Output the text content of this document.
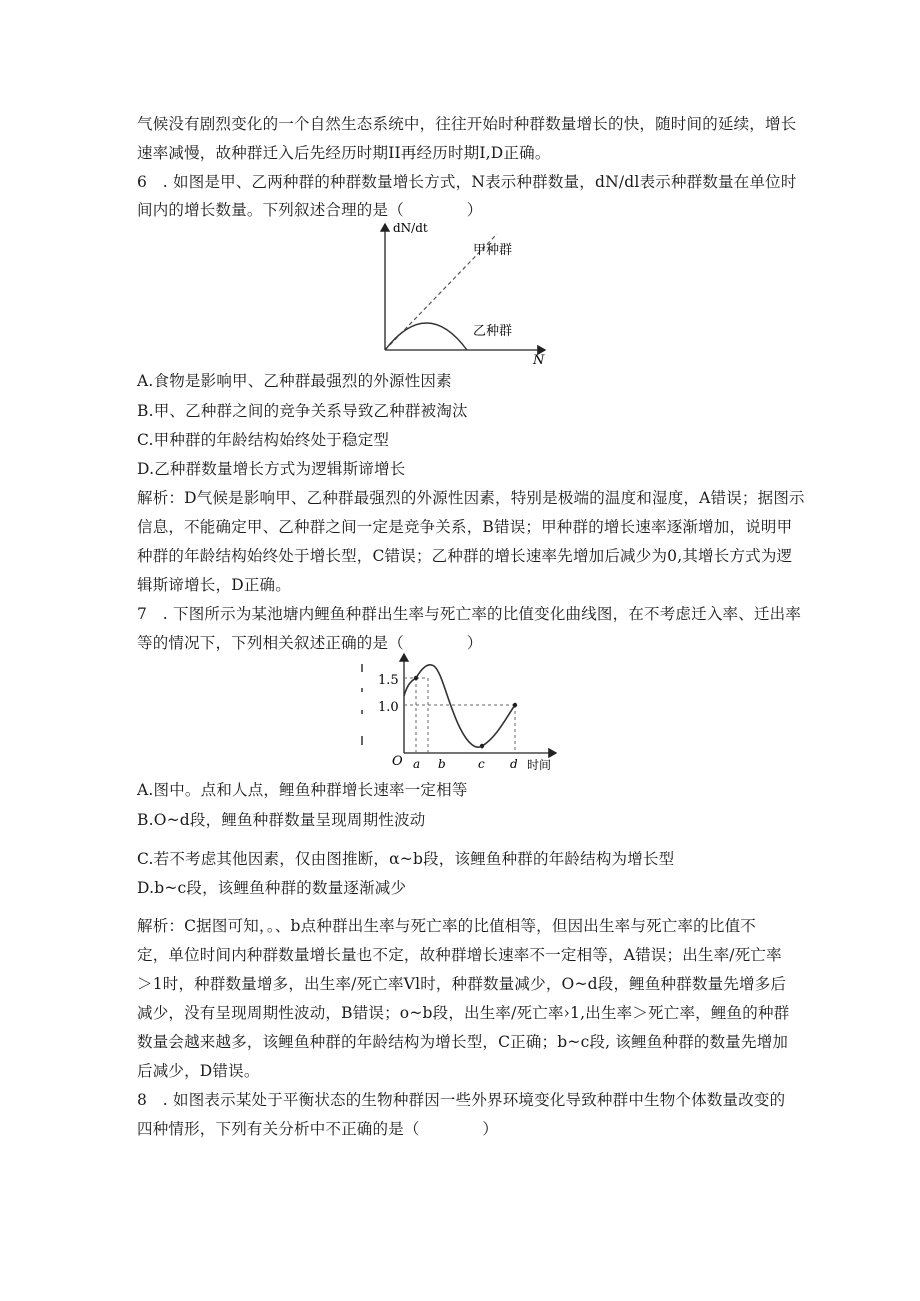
气候没有剧烈变化的一个自然生态系统中，往往开始时种群数量增长的快，随时间的延续，增长
速率减慢，故种群迁入后先经历时期II再经历时期I,D正确。
6　. 如图是甲、乙两种群的种群数量增长方式，N表示种群数量，dN/dl表示种群数量在单位时
间内的增长数量。下列叙述合理的是（　　　　）
dN/dt
N
甲种群
乙种群
A.食物是影响甲、乙种群最强烈的外源性因素
B.甲、乙种群之间的竞争关系导致乙种群被淘汰
C.甲种群的年龄结构始终处于稳定型
D.乙种群数量增长方式为逻辑斯谛增长
解析：D气候是影响甲、乙种群最强烈的外源性因素，特别是极端的温度和湿度，A错误；据图示
信息，不能确定甲、乙种群之间一定是竞争关系，B错误；甲种群的增长速率逐渐增加，说明甲
种群的年龄结构始终处于增长型，C错误；乙种群的增长速率先增加后减少为0,其增长方式为逻
辑斯谛增长，D正确。
7　. 下图所示为某池塘内鲤鱼种群出生率与死亡率的比值变化曲线图，在不考虑迁入率、迁出率
等的情况下，下列相关叙述正确的是（　　　　）
1.5
1.0
O a b	c d 时间
A.图中。点和人点，鲤鱼种群增长速率一定相等
B.O~d段，鲤鱼种群数量呈现周期性波动
C.若不考虑其他因素，仅由图推断，α~b段，该鲤鱼种群的年龄结构为增长型
D.b~c段，该鲤鱼种群的数量逐渐减少
解析：C据图可知，。、b点种群出生率与死亡率的比值相等，但因出生率与死亡率的比值不
定，单位时间内种群数量增长量也不定，故种群增长速率不一定相等，A错误；出生率/死亡率
＞1时，种群数量增多，出生率/死亡率Vl时，种群数量减少，O~d段，鲤鱼种群数量先增多后
减少，没有呈现周期性波动，B错误；o~b段，出生率/死亡率›1,出生率＞死亡率，鲤鱼的种群
数量会越来越多，该鲤鱼种群的年龄结构为增长型，C正确；b~c段, 该鲤鱼种群的数量先增加
后减少，D错误。
8　. 如图表示某处于平衡状态的生物种群因一些外界环境变化导致种群中生物个体数量改变的
四种情形，下列有关分析中不正确的是（　　　　）
